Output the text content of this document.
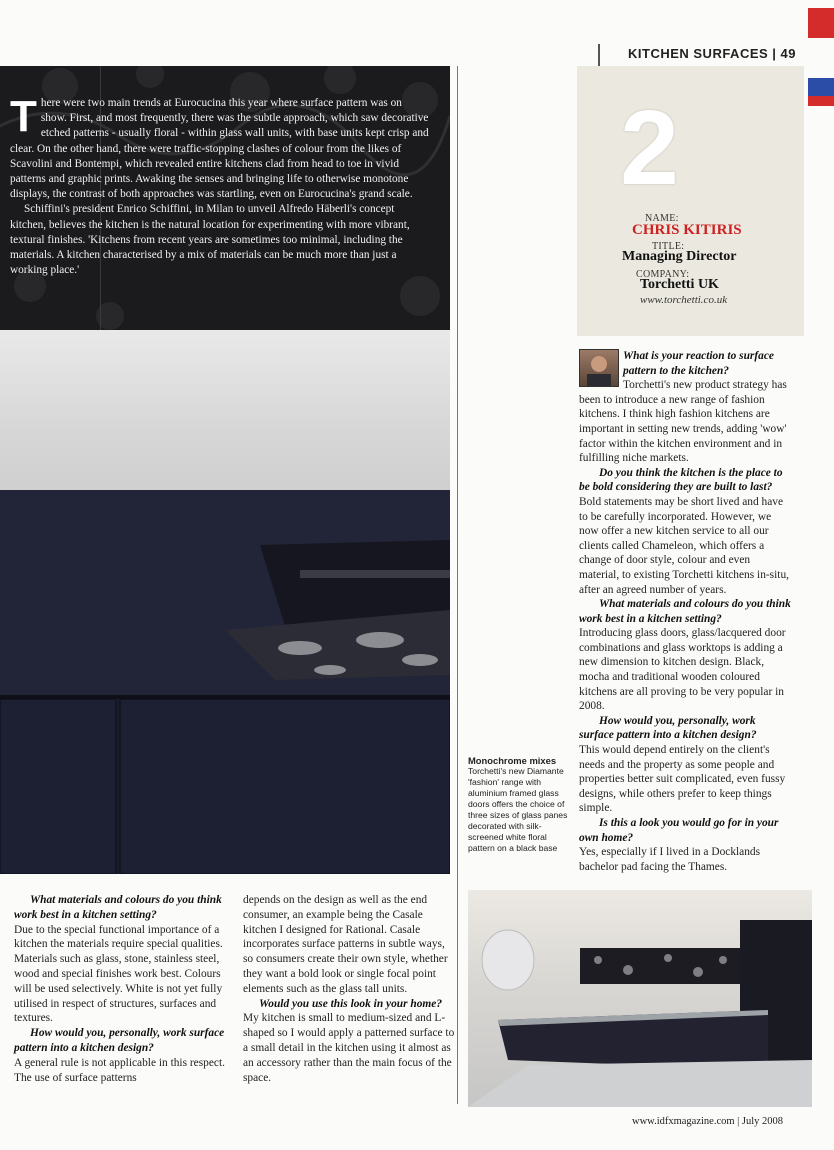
KITCHEN SURFACES | 49

There were two main trends at Eurocucina this year where surface pattern was on show. First, and most frequently, there was the subtle approach, which saw decorative etched patterns - usually floral - within glass wall units, with base units kept crisp and clear. On the other hand, there were traffic-stopping clashes of colour from the likes of Scavolini and Bontempi, which revealed entire kitchens clad from head to toe in vivid patterns and graphic prints. Awaking the senses and bringing life to otherwise monotone displays, the contrast of both approaches was startling, even on Eurocucina's grand scale.

Schiffini's president Enrico Schiffini, in Milan to unveil Alfredo Häberli's concept kitchen, believes the kitchen is the natural location for experimenting with more vibrant, textural finishes. 'Kitchens from recent years are sometimes too minimal, including the materials. A kitchen characterised by a mix of materials can be much more than just a working place.'

2
NAME:
CHRIS KITIRIS
TITLE:
Managing Director
COMPANY:
Torchetti UK
www.torchetti.co.uk

What is your reaction to surface pattern to the kitchen?

Torchetti's new product strategy has been to introduce a new range of fashion kitchens. I think high fashion kitchens are important in setting new trends, adding 'wow' factor within the kitchen environment and in fulfilling niche markets.

Do you think the kitchen is the place to be bold considering they are built to last?

Bold statements may be short lived and have to be carefully incorporated. However, we now offer a new kitchen service to all our clients called Chameleon, which offers a change of door style, colour and even material, to existing Torchetti kitchens in-situ, after an agreed number of years.

What materials and colours do you think work best in a kitchen setting?

Introducing glass doors, glass/lacquered door combinations and glass worktops is adding a new dimension to kitchen design. Black, mocha and traditional wooden coloured kitchens are all proving to be very popular in 2008.

How would you, personally, work surface pattern into a kitchen design?

This would depend entirely on the client's needs and the property as some people and properties better suit complicated, even fussy designs, while others prefer to keep things simple.

Is this a look you would go for in your own home?

Yes, especially if I lived in a Docklands bachelor pad facing the Thames.

Monochrome mixes
Torchetti's new Diamante 'fashion' range with aluminium framed glass doors offers the choice of three sizes of glass panes decorated with silk-screened white floral pattern on a black base

What materials and colours do you think work best in a kitchen setting?

Due to the special functional importance of a kitchen the materials require special qualities. Materials such as glass, stone, stainless steel, wood and special finishes work best. Colours will be used selectively. White is not yet fully utilised in respect of structures, surfaces and textures.

How would you, personally, work surface pattern into a kitchen design?

A general rule is not applicable in this respect. The use of surface patterns

depends on the design as well as the end consumer, an example being the Casale kitchen I designed for Rational. Casale incorporates surface patterns in subtle ways, so consumers create their own style, whether they want a bold look or single focal point elements such as the glass tall units.

Would you use this look in your home?

My kitchen is small to medium-sized and L-shaped so I would apply a patterned surface to a small detail in the kitchen using it almost as an accessory rather than the main focus of the space.

www.idfxmagazine.com | July 2008
